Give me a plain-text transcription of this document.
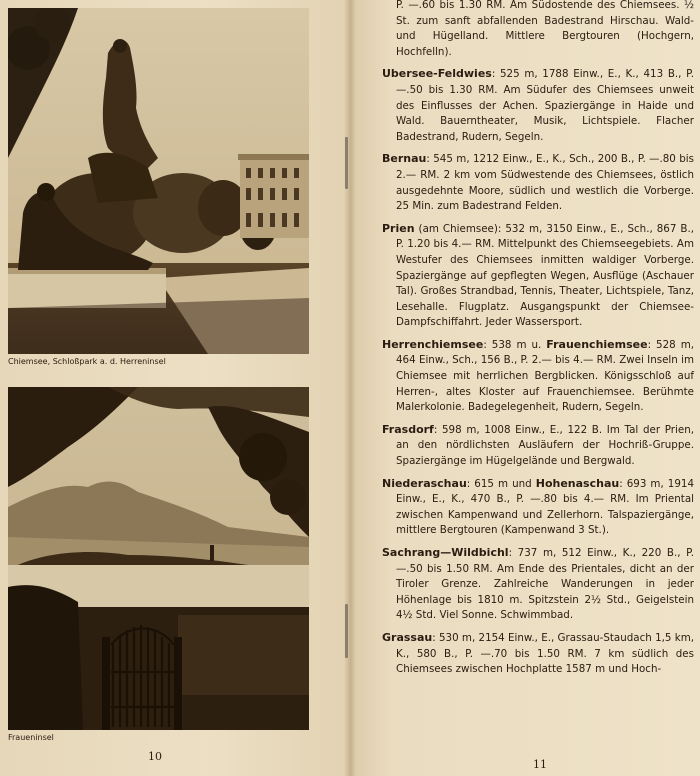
Chiemsee, Schloßpark a. d. Herreninsel
Fraueninsel
10
11

P. —.60 bis 1.30 RM. Am Südostende des Chiemsees. ½ St. zum sanft abfallenden Badestrand Hirschau. Wald- und Hügelland. Mittlere Bergtouren (Hochgern, Hochfelln).

Ubersee-Feldwies: 525 m, 1788 Einw., E., K., 413 B., P. —.50 bis 1.30 RM. Am Südufer des Chiemsees unweit des Einflusses der Achen. Spaziergänge in Haide und Wald. Bauerntheater, Musik, Lichtspiele. Flacher Badestrand, Rudern, Segeln.

Bernau: 545 m, 1212 Einw., E., K., Sch., 200 B., P. —.80 bis 2.— RM. 2 km vom Südwestende des Chiemsees, östlich ausgedehnte Moore, südlich und westlich die Vorberge. 25 Min. zum Badestrand Felden.

Prien (am Chiemsee): 532 m, 3150 Einw., E., Sch., 867 B., P. 1.20 bis 4.— RM. Mittelpunkt des Chiemseegebiets. Am Westufer des Chiemsees inmitten waldiger Vorberge. Spaziergänge auf gepflegten Wegen, Ausflüge (Aschauer Tal). Großes Strandbad, Tennis, Theater, Lichtspiele, Tanz, Lesehalle. Flugplatz. Ausgangspunkt der Chiemsee-Dampfschiffahrt. Jeder Wassersport.

Herrenchiemsee: 538 m u. Frauenchiemsee: 528 m, 464 Einw., Sch., 156 B., P. 2.— bis 4.— RM. Zwei Inseln im Chiemsee mit herrlichen Bergblicken. Königsschloß auf Herren-, altes Kloster auf Frauenchiemsee. Berühmte Malerkolonie. Badegelegenheit, Rudern, Segeln.

Frasdorf: 598 m, 1008 Einw., E., 122 B. Im Tal der Prien, an den nördlichsten Ausläufern der Hochriß-Gruppe. Spaziergänge im Hügelgelände und Bergwald.

Niederaschau: 615 m und Hohenaschau: 693 m, 1914 Einw., E., K., 470 B., P. —.80 bis 4.— RM. Im Priental zwischen Kampenwand und Zellerhorn. Talspaziergänge, mittlere Bergtouren (Kampenwand 3 St.).

Sachrang—Wildbichl: 737 m, 512 Einw., K., 220 B., P. —.50 bis 1.50 RM. Am Ende des Prientales, dicht an der Tiroler Grenze. Zahlreiche Wanderungen in jeder Höhenlage bis 1810 m. Spitzstein 2½ Std., Geigelstein 4½ Std. Viel Sonne. Schwimmbad.

Grassau: 530 m, 2154 Einw., E., Grassau-Staudach 1,5 km, K., 580 B., P. —.70 bis 1.50 RM. 7 km südlich des Chiemsees zwischen Hochplatte 1587 m und Hoch-
